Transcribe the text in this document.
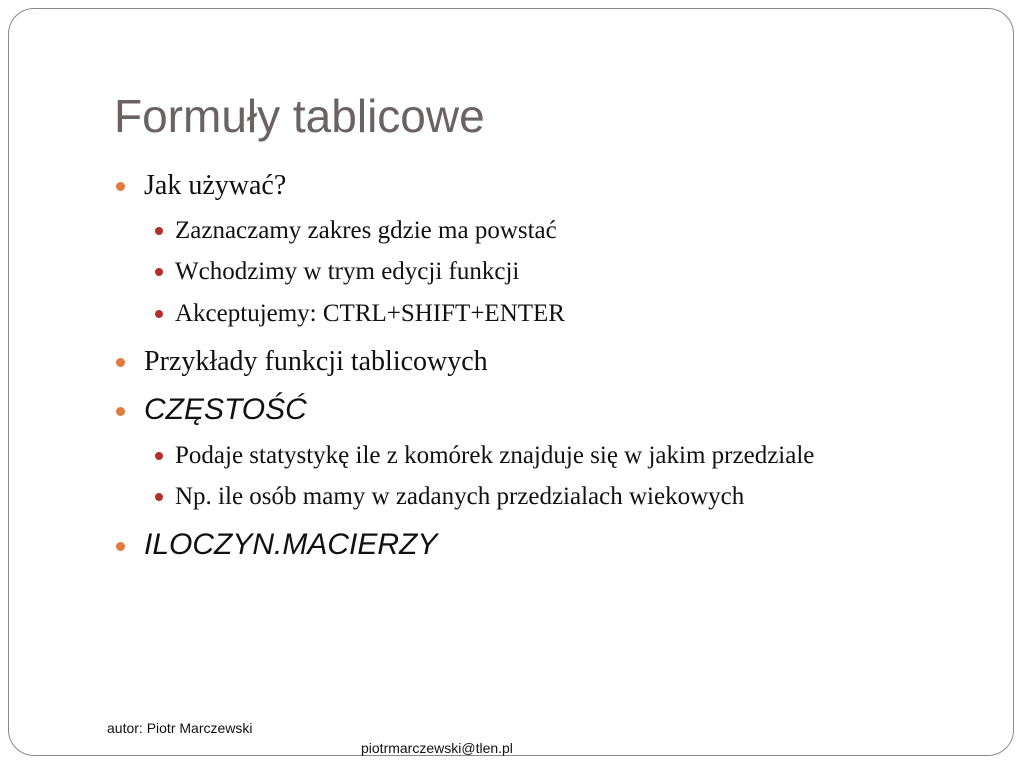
Formuły tablicowe
Jak używać?
Zaznaczamy zakres gdzie ma powstać
Wchodzimy w trym edycji funkcji
Akceptujemy: CTRL+SHIFT+ENTER
Przykłady funkcji tablicowych
CZĘSTOŚĆ
Podaje statystykę ile z komórek znajduje się w jakim przedziale
Np. ile osób mamy w zadanych przedzialach wiekowych
ILOCZYN.MACIERZY
autor: Piotr Marczewski
piotrmarczewski@tlen.pl
